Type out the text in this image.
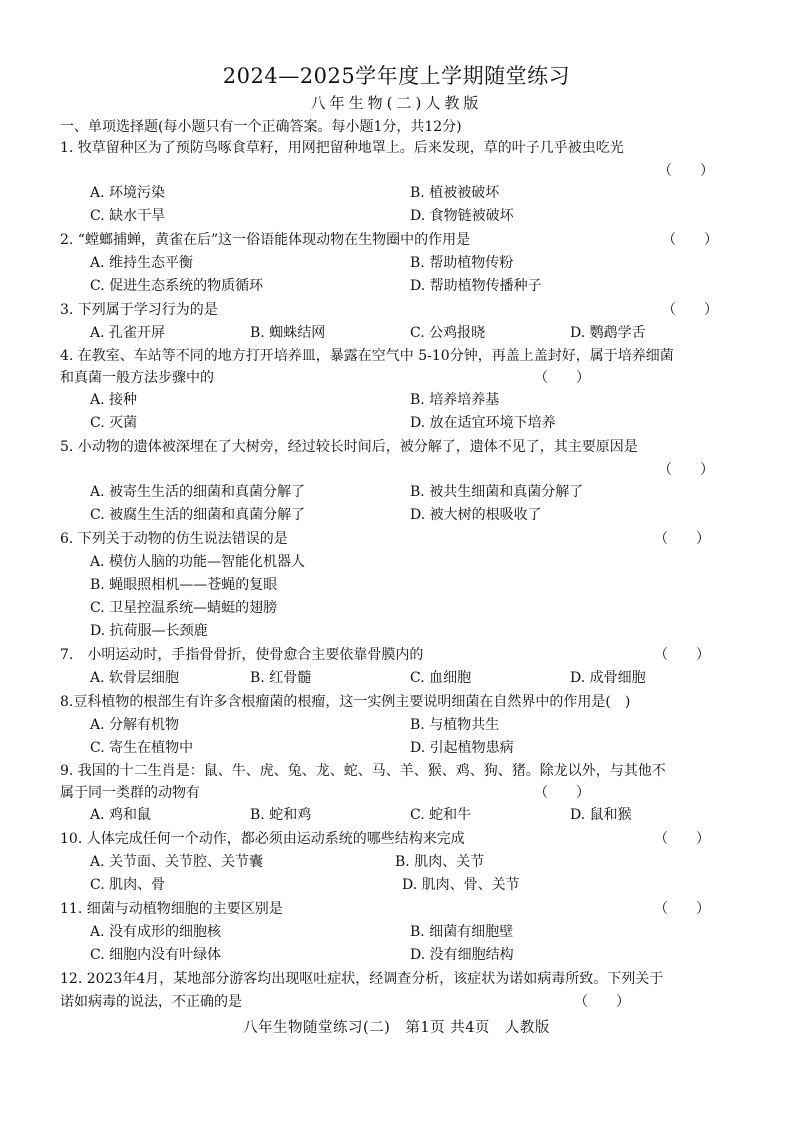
2024—2025学年度上学期随堂练习
八年生物(二)人教版
一、单项选择题(每小题只有一个正确答案。每小题1分，共12分)
1. 牧草留种区为了预防鸟啄食草籽，用网把留种地罩上。后来发现，草的叶子几乎被虫吃光
（　　）
A. 环境污染	B. 植被被破坏
C. 缺水干旱	D. 食物链被破坏
2. “螳螂捕蝉，黄雀在后”这一俗语能体现动物在生物圈中的作用是	（　　）
A. 维持生态平衡	B. 帮助植物传粉
C. 促进生态系统的物质循环	D. 帮助植物传播种子
3. 下列属于学习行为的是	（　　）
A. 孔雀开屏	B. 蜘蛛结网	C. 公鸡报晓	D. 鹦鹉学舌
4. 在教室、车站等不同的地方打开培养皿，暴露在空气中 5-10分钟，再盖上盖封好，属于培养细菌
和真菌一般方法步骤中的	（　　）
A. 接种	B. 培养培养基
C. 灭菌	D. 放在适宜环境下培养
5. 小动物的遗体被深埋在了大树旁，经过较长时间后，被分解了，遗体不见了，其主要原因是
（　　）
A. 被寄生生活的细菌和真菌分解了	B. 被共生细菌和真菌分解了
C. 被腐生生活的细菌和真菌分解了	D. 被大树的根吸收了
6. 下列关于动物的仿生说法错误的是	（　　）
A. 模仿人脑的功能—智能化机器人
B. 蝇眼照相机——苍蝇的复眼
C. 卫星控温系统—蜻蜓的翅膀
D. 抗荷服—长颈鹿
7.　小明运动时，手指骨骨折，使骨愈合主要依靠骨膜内的	（　　）
A. 软骨层细胞	B. 红骨髓	C. 血细胞	D. 成骨细胞
8.豆科植物的根部生有许多含根瘤菌的根瘤，这一实例主要说明细菌在自然界中的作用是(　)
A. 分解有机物	B. 与植物共生
C. 寄生在植物中	D. 引起植物患病
9. 我国的十二生肖是：鼠、牛、虎、兔、龙、蛇、马、羊、猴、鸡、狗、猪。除龙以外，与其他不
属于同一类群的动物有	（　　）
A. 鸡和鼠	B. 蛇和鸡	C. 蛇和牛	D. 鼠和猴
10. 人体完成任何一个动作，都必须由运动系统的哪些结构来完成	（　　）
A. 关节面、关节腔、关节囊	B. 肌肉、关节
C. 肌肉、骨	D. 肌肉、骨、关节
11. 细菌与动植物细胞的主要区别是	（　　）
A. 没有成形的细胞核	B. 细菌有细胞壁
C. 细胞内没有叶绿体	D. 没有细胞结构
12. 2023年4月，某地部分游客均出现呕吐症状，经调查分析，该症状为诺如病毒所致。下列关于
诺如病毒的说法，不正确的是	（　　）
八年生物随堂练习(二)　第1页 共4页　人教版
